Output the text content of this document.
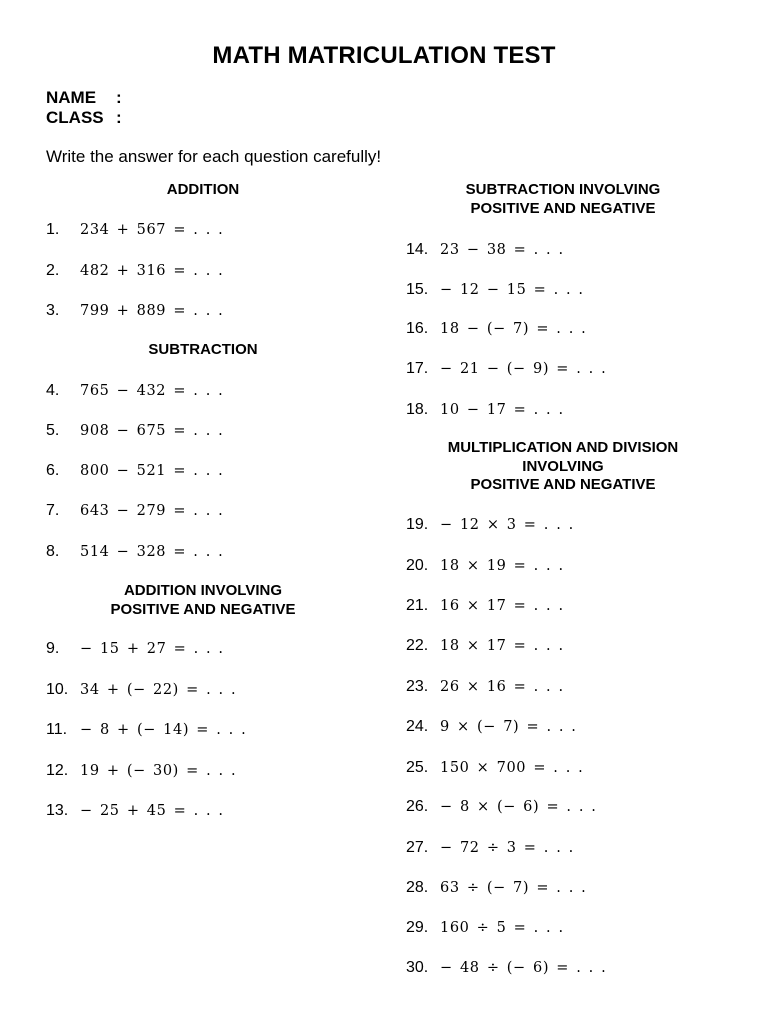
MATH MATRICULATION TEST
NAME :
CLASS :
Write the answer for each question carefully!
ADDITION
1. 234 + 567 = . . .
2. 482 + 316 = . . .
3. 799 + 889 = . . .
SUBTRACTION
4. 765 − 432 = . . .
5. 908 − 675 = . . .
6. 800 − 521 = . . .
7. 643 − 279 = . . .
8. 514 − 328 = . . .
ADDITION INVOLVING
POSITIVE AND NEGATIVE
9. − 15 + 27 = . . .
10. 34 + (− 22) = . . .
11. − 8 + (− 14) = . . .
12. 19 + (− 30) = . . .
13. − 25 + 45 = . . .
SUBTRACTION INVOLVING
POSITIVE AND NEGATIVE
14. 23 − 38 = . . .
15. − 12 − 15 = . . .
16. 18 − (− 7) = . . .
17. − 21 − (− 9) = . . .
18. 10 − 17 = . . .
MULTIPLICATION AND DIVISION
INVOLVING
POSITIVE AND NEGATIVE
19. − 12 × 3 = . . .
20. 18 × 19 = . . .
21. 16 × 17 = . . .
22. 18 × 17 = . . .
23. 26 × 16 = . . .
24. 9 × (− 7) = . . .
25. 150 × 700 = . . .
26. − 8 × (− 6) = . . .
27. − 72 ÷ 3 = . . .
28. 63 ÷ (− 7) = . . .
29. 160 ÷ 5 = . . .
30. − 48 ÷ (− 6) = . . .
